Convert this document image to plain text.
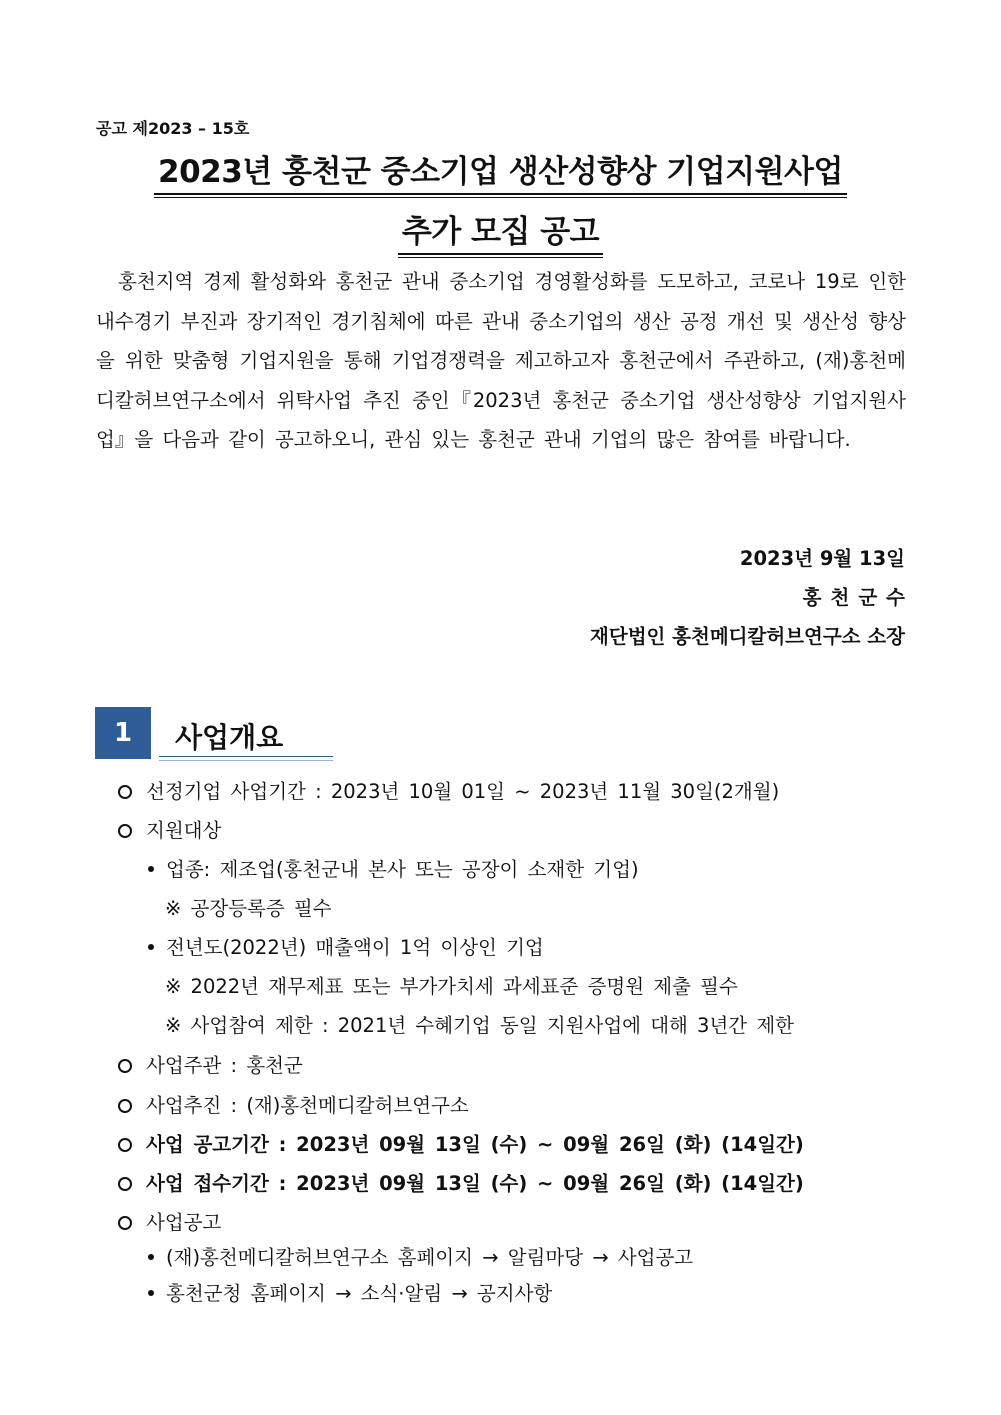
공고 제2023 – 15호
2023년 홍천군 중소기업 생산성향상 기업지원사업
추가 모집 공고
홍천지역 경제 활성화와 홍천군 관내 중소기업 경영활성화를 도모하고, 코로나 19로 인한 내수경기 부진과 장기적인 경기침체에 따른 관내 중소기업의 생산 공정 개선 및 생산성 향상을 위한 맞춤형 기업지원을 통해 기업경쟁력을 제고하고자 홍천군에서 주관하고, (재)홍천메디칼허브연구소에서 위탁사업 추진 중인『2023년 홍천군 중소기업 생산성향상 기업지원사업』을 다음과 같이 공고하오니, 관심 있는 홍천군 관내 기업의 많은 참여를 바랍니다.
2023년 9월 13일
홍천군수
재단법인 홍천메디칼허브연구소 소장
1	사업개요
선정기업 사업기간 : 2023년 10월 01일 ~ 2023년 11월 30일(2개월)
지원대상
업종: 제조업(홍천군내 본사 또는 공장이 소재한 기업)
※ 공장등록증 필수
전년도(2022년) 매출액이 1억 이상인 기업
※ 2022년 재무제표 또는 부가가치세 과세표준 증명원 제출 필수
※ 사업참여 제한 : 2021년 수혜기업 동일 지원사업에 대해 3년간 제한
사업주관 : 홍천군
사업추진 : (재)홍천메디칼허브연구소
사업 공고기간 : 2023년 09월 13일 (수) ~ 09월 26일 (화) (14일간)
사업 접수기간 : 2023년 09월 13일 (수) ~ 09월 26일 (화) (14일간)
사업공고
(재)홍천메디칼허브연구소 홈페이지 → 알림마당 → 사업공고
홍천군청 홈페이지 → 소식·알림 → 공지사항
